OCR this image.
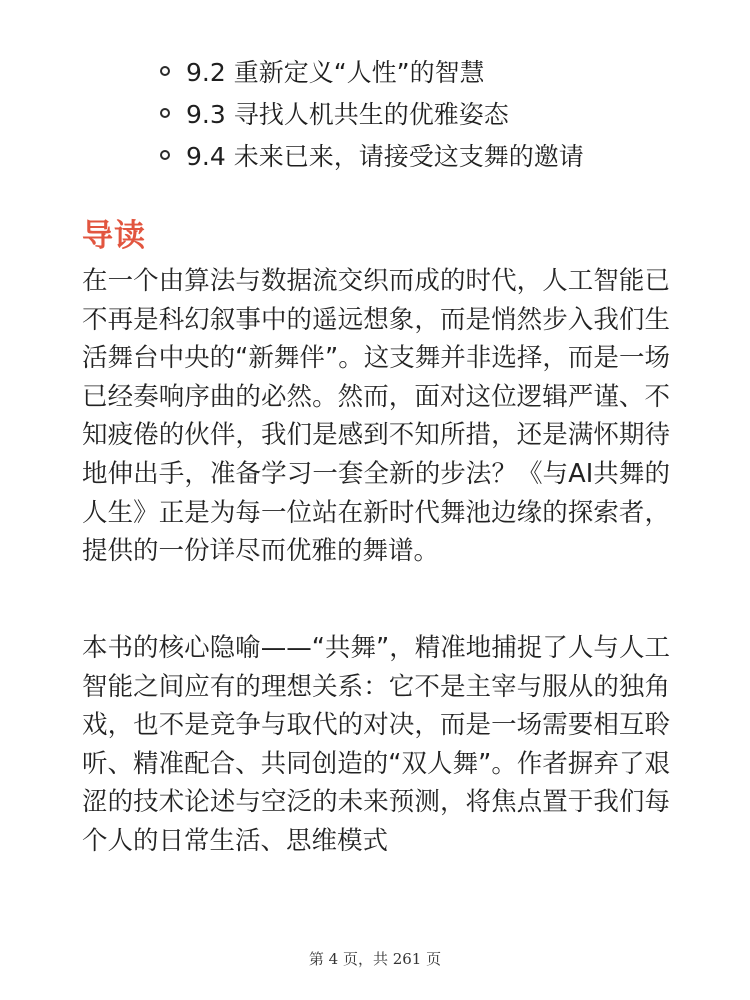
9.2 重新定义“人性”的智慧
9.3 寻找人机共生的优雅姿态
9.4 未来已来，请接受这支舞的邀请
导读

在一个由算法与数据流交织而成的时代，人工智能已不再是科幻叙事中的遥远想象，而是悄然步入我们生活舞台中央的“新舞伴”。这支舞并非选择，而是一场已经奏响序曲的必然。然而，面对这位逻辑严谨、不知疲倦的伙伴，我们是感到不知所措，还是满怀期待地伸出手，准备学习一套全新的步法？《与AI共舞的人生》正是为每一位站在新时代舞池边缘的探索者，提供的一份详尽而优雅的舞谱。

本书的核心隐喻——“共舞”，精准地捕捉了人与人工智能之间应有的理想关系：它不是主宰与服从的独角戏，也不是竞争与取代的对决，而是一场需要相互聆听、精准配合、共同创造的“双人舞”。作者摒弃了艰涩的技术论述与空泛的未来预测，将焦点置于我们每个人的日常生活、思维模式

第 4 页，共 261 页
